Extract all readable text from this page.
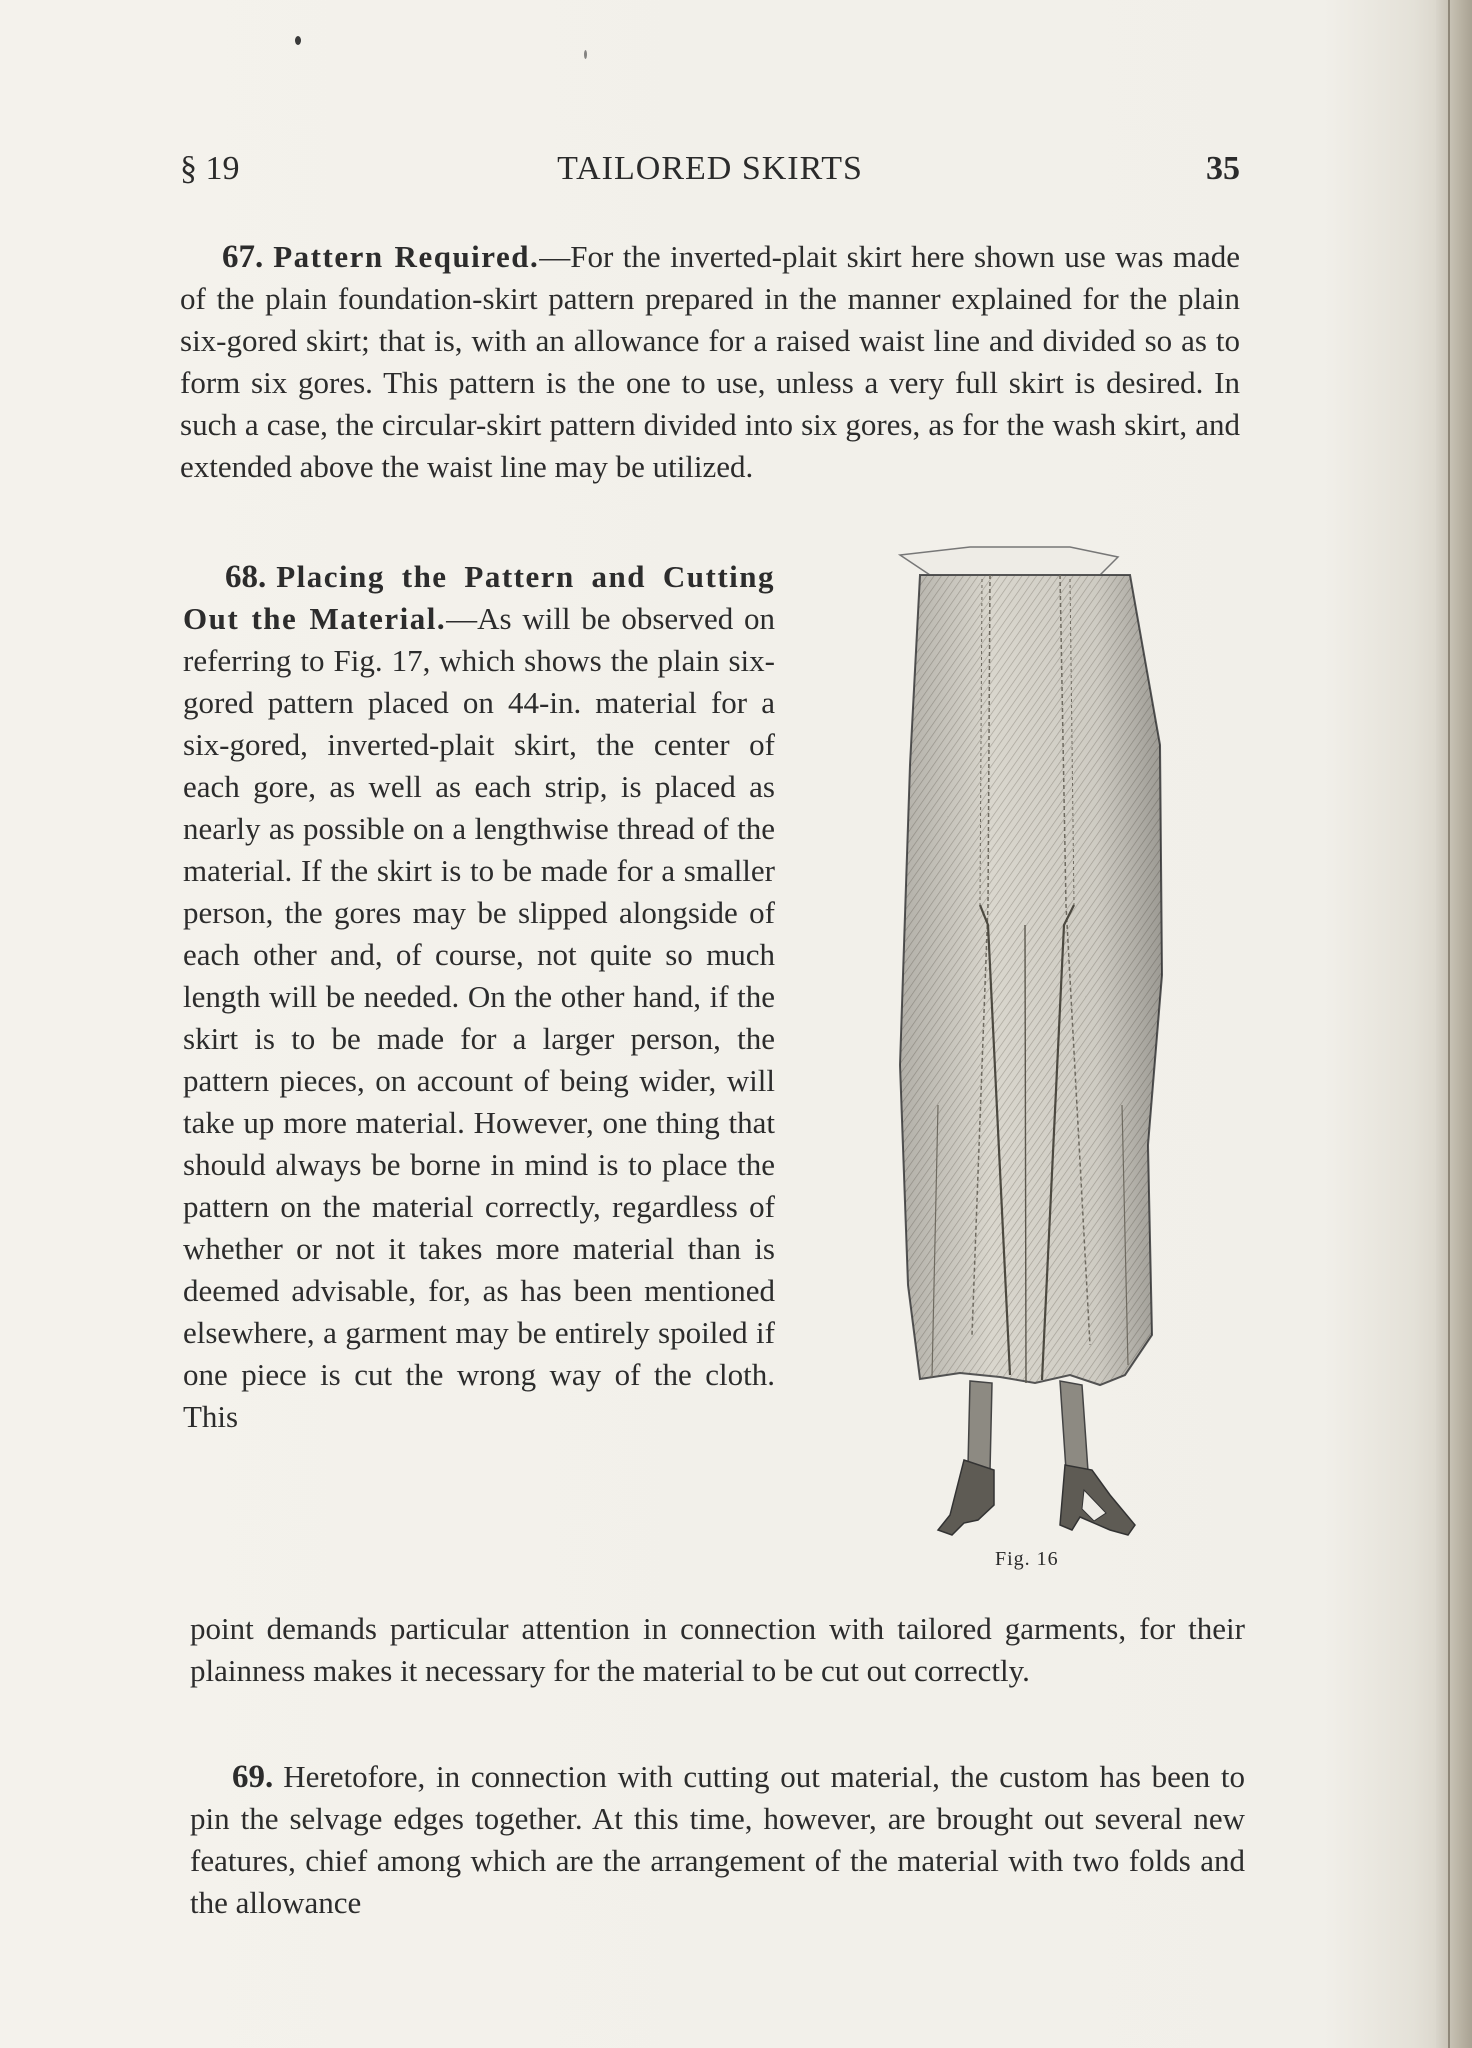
§ 19	TAILORED SKIRTS	35
67. Pattern Required.—For the inverted-plait skirt here shown use was made of the plain foundation-skirt pattern prepared in the manner explained for the plain six-gored skirt; that is, with an allowance for a raised waist line and divided so as to form six gores. This pattern is the one to use, unless a very full skirt is desired. In such a case, the circular-skirt pattern divided into six gores, as for the wash skirt, and extended above the waist line may be utilized.
68. Placing the Pattern and Cutting Out the Material.—As will be observed on referring to Fig. 17, which shows the plain six-gored pattern placed on 44-in. material for a six-gored, inverted-plait skirt, the center of each gore, as well as each strip, is placed as nearly as possible on a lengthwise thread of the material. If the skirt is to be made for a smaller person, the gores may be slipped alongside of each other and, of course, not quite so much length will be needed. On the other hand, if the skirt is to be made for a larger person, the pattern pieces, on account of being wider, will take up more material. However, one thing that should always be borne in mind is to place the pattern on the material correctly, regardless of whether or not it takes more material than is deemed advisable, for, as has been mentioned elsewhere, a garment may be entirely spoiled if one piece is cut the wrong way of the cloth. This
point demands particular attention in connection with tailored garments, for their plainness makes it necessary for the material to be cut out correctly.
69. Heretofore, in connection with cutting out material, the custom has been to pin the selvage edges together. At this time, however, are brought out several new features, chief among which are the arrangement of the material with two folds and the allowance
Fig. 16
